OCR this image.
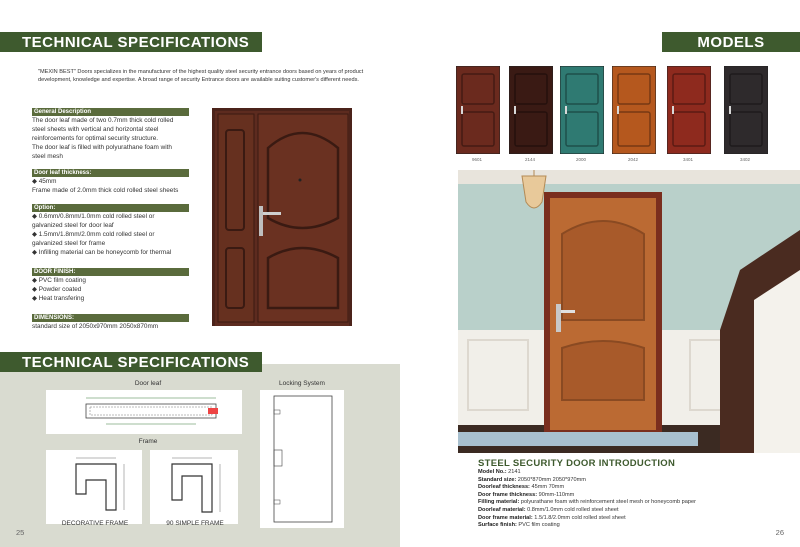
TECHNICAL SPECIFICATIONS
"MEXIN BEST" Doors specializes in the manufacturer of the highest quality steel security entrance doors based on years of product development, knowledge and expertise. A broad range of security Entrance doors are available suiting customer's different needs.
General Description
The door leaf made of two 0.7mm thick cold rolled
steel sheets with vertical and horizontal steel
reinforcements for optimal security structure.
The door leaf is filled with polyurathane foam with
steel mesh
Door leaf thickness:
◆ 45mm
Frame made of 2.0mm thick cold rolled steel sheets
Option:
◆ 0.6mm/0.8mm/1.0mm cold rolled steel or
galvanized steel for door leaf
◆ 1.5mm/1.8mm/2.0mm cold rolled steel or
galvanized steel for frame
◆ Infilling material can be honeycomb for thermal
DOOR FINISH:
◆ PVC film coating
◆ Powder coated
◆ Heat transfering
DIMENSIONS:
standard size of 2050x970mm 2050x870mm
TECHNICAL SPECIFICATIONS
Door leaf	Locking System
Frame
DECORATIVE FRAME	90 SIMPLE FRAME
25
MODELS
9601	2144	2000	2042	3401	3402
STEEL SECURITY DOOR INTRODUCTION
Model No.: 2141
Standard size: 2050*870mm 2050*970mm
Doorleaf thickness: 45mm 70mm
Door frame thickness: 90mm-110mm
Filling material: polyurathane foam with reinforcement steel mesh or honeycomb paper
Doorleaf material: 0.8mm/1.0mm cold rolled steel sheet
Door frame material: 1.5/1.8/2.0mm cold rolled steel sheet
Surface finish: PVC film coating
26
